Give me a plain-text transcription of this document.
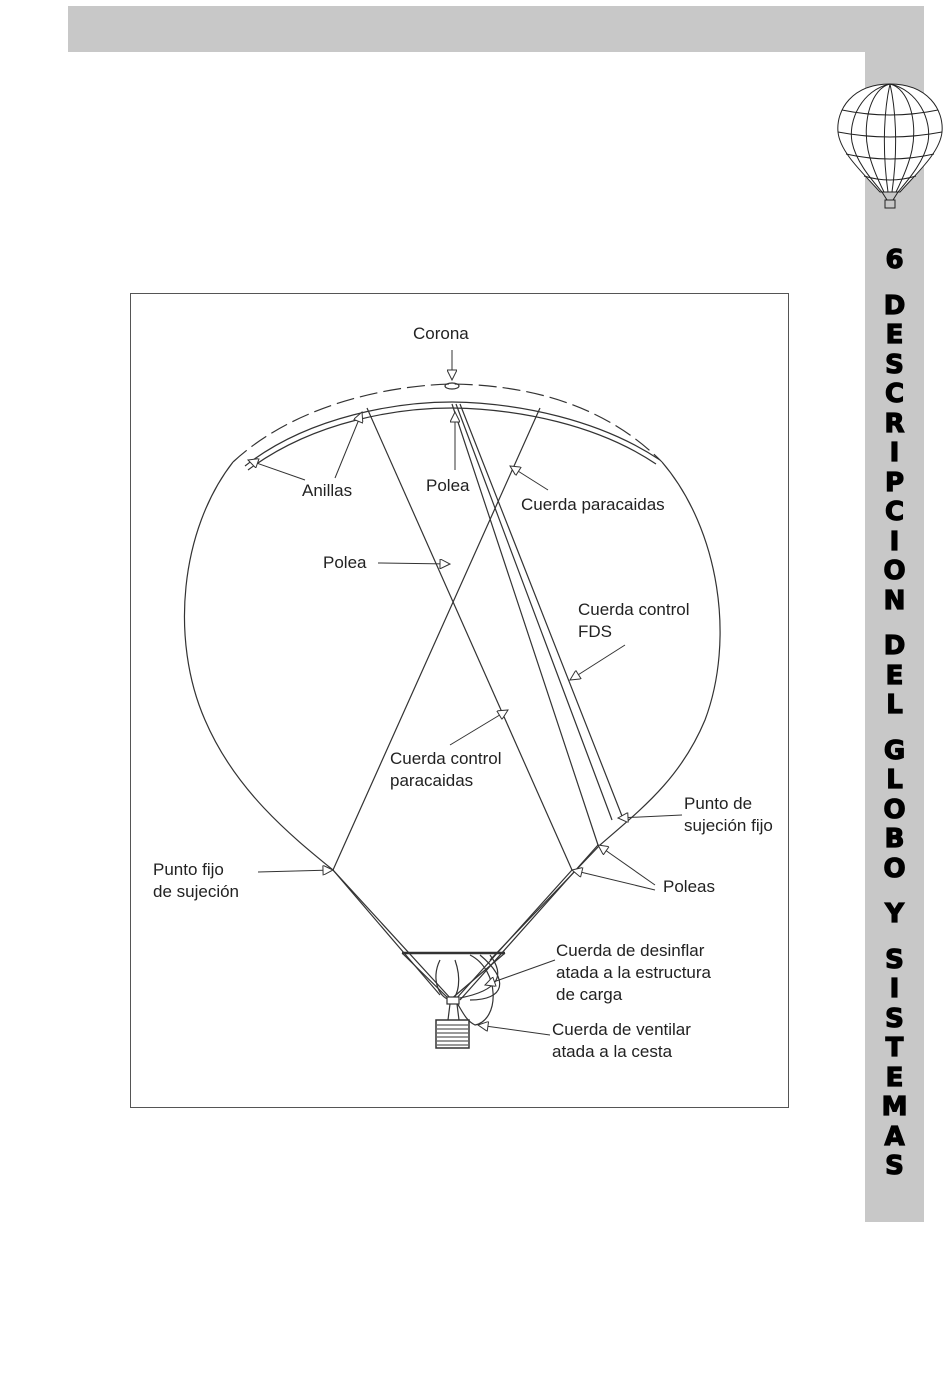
6
D
E
S
C
R
I
P
C
I
O
N
D
E
L
G
L
O
B
O
Y
S
I
S
T
E
M
A
S
Corona
Anillas	Polea
Cuerda paracaidas
Polea
Cuerda control
FDS
Cuerda control
paracaidas
Punto de
sujeción fijo
Punto fijo
de sujeción	Poleas
Cuerda de desinflar
atada a la estructura
de carga
Cuerda de ventilar
atada a la cesta
